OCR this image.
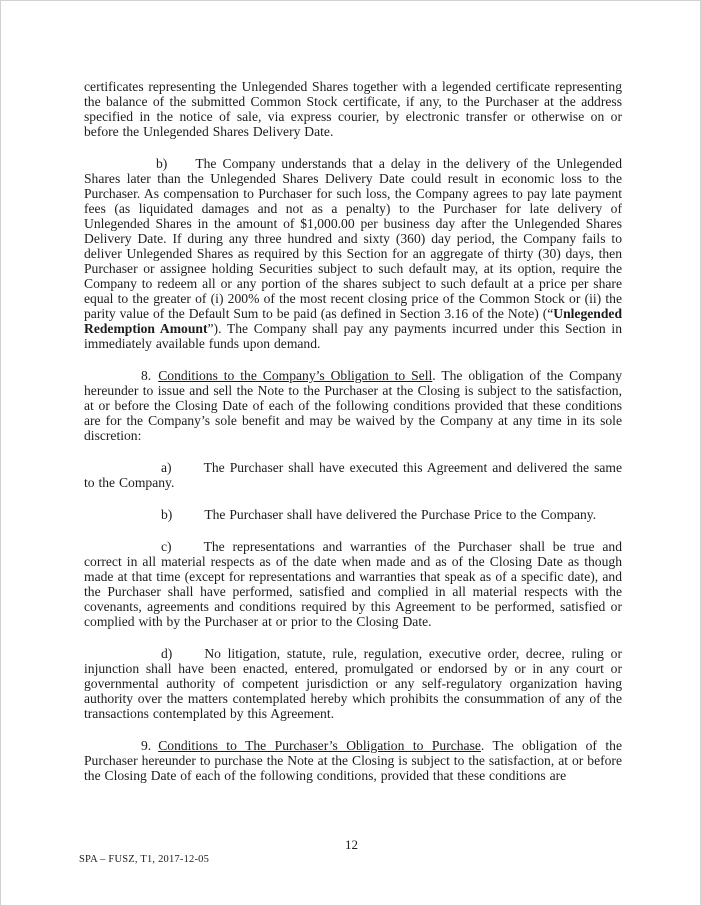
certificates representing the Unlegended Shares together with a legended certificate representing the balance of the submitted Common Stock certificate, if any, to the Purchaser at the address specified in the notice of sale, via express courier, by electronic transfer or otherwise on or before the Unlegended Shares Delivery Date.

b) The Company understands that a delay in the delivery of the Unlegended Shares later than the Unlegended Shares Delivery Date could result in economic loss to the Purchaser. As compensation to Purchaser for such loss, the Company agrees to pay late payment fees (as liquidated damages and not as a penalty) to the Purchaser for late delivery of Unlegended Shares in the amount of $1,000.00 per business day after the Unlegended Shares Delivery Date. If during any three hundred and sixty (360) day period, the Company fails to deliver Unlegended Shares as required by this Section for an aggregate of thirty (30) days, then Purchaser or assignee holding Securities subject to such default may, at its option, require the Company to redeem all or any portion of the shares subject to such default at a price per share equal to the greater of (i) 200% of the most recent closing price of the Common Stock or (ii) the parity value of the Default Sum to be paid (as defined in Section 3.16 of the Note) (“Unlegended Redemption Amount”). The Company shall pay any payments incurred under this Section in immediately available funds upon demand.

8. Conditions to the Company’s Obligation to Sell. The obligation of the Company hereunder to issue and sell the Note to the Purchaser at the Closing is subject to the satisfaction, at or before the Closing Date of each of the following conditions provided that these conditions are for the Company’s sole benefit and may be waived by the Company at any time in its sole discretion:

a) The Purchaser shall have executed this Agreement and delivered the same to the Company.

b) The Purchaser shall have delivered the Purchase Price to the Company.

c) The representations and warranties of the Purchaser shall be true and correct in all material respects as of the date when made and as of the Closing Date as though made at that time (except for representations and warranties that speak as of a specific date), and the Purchaser shall have performed, satisfied and complied in all material respects with the covenants, agreements and conditions required by this Agreement to be performed, satisfied or complied with by the Purchaser at or prior to the Closing Date.

d) No litigation, statute, rule, regulation, executive order, decree, ruling or injunction shall have been enacted, entered, promulgated or endorsed by or in any court or governmental authority of competent jurisdiction or any self-regulatory organization having authority over the matters contemplated hereby which prohibits the consummation of any of the transactions contemplated by this Agreement.

9. Conditions to The Purchaser’s Obligation to Purchase. The obligation of the Purchaser hereunder to purchase the Note at the Closing is subject to the satisfaction, at or before the Closing Date of each of the following conditions, provided that these conditions are

12
SPA – FUSZ, T1, 2017-12-05
